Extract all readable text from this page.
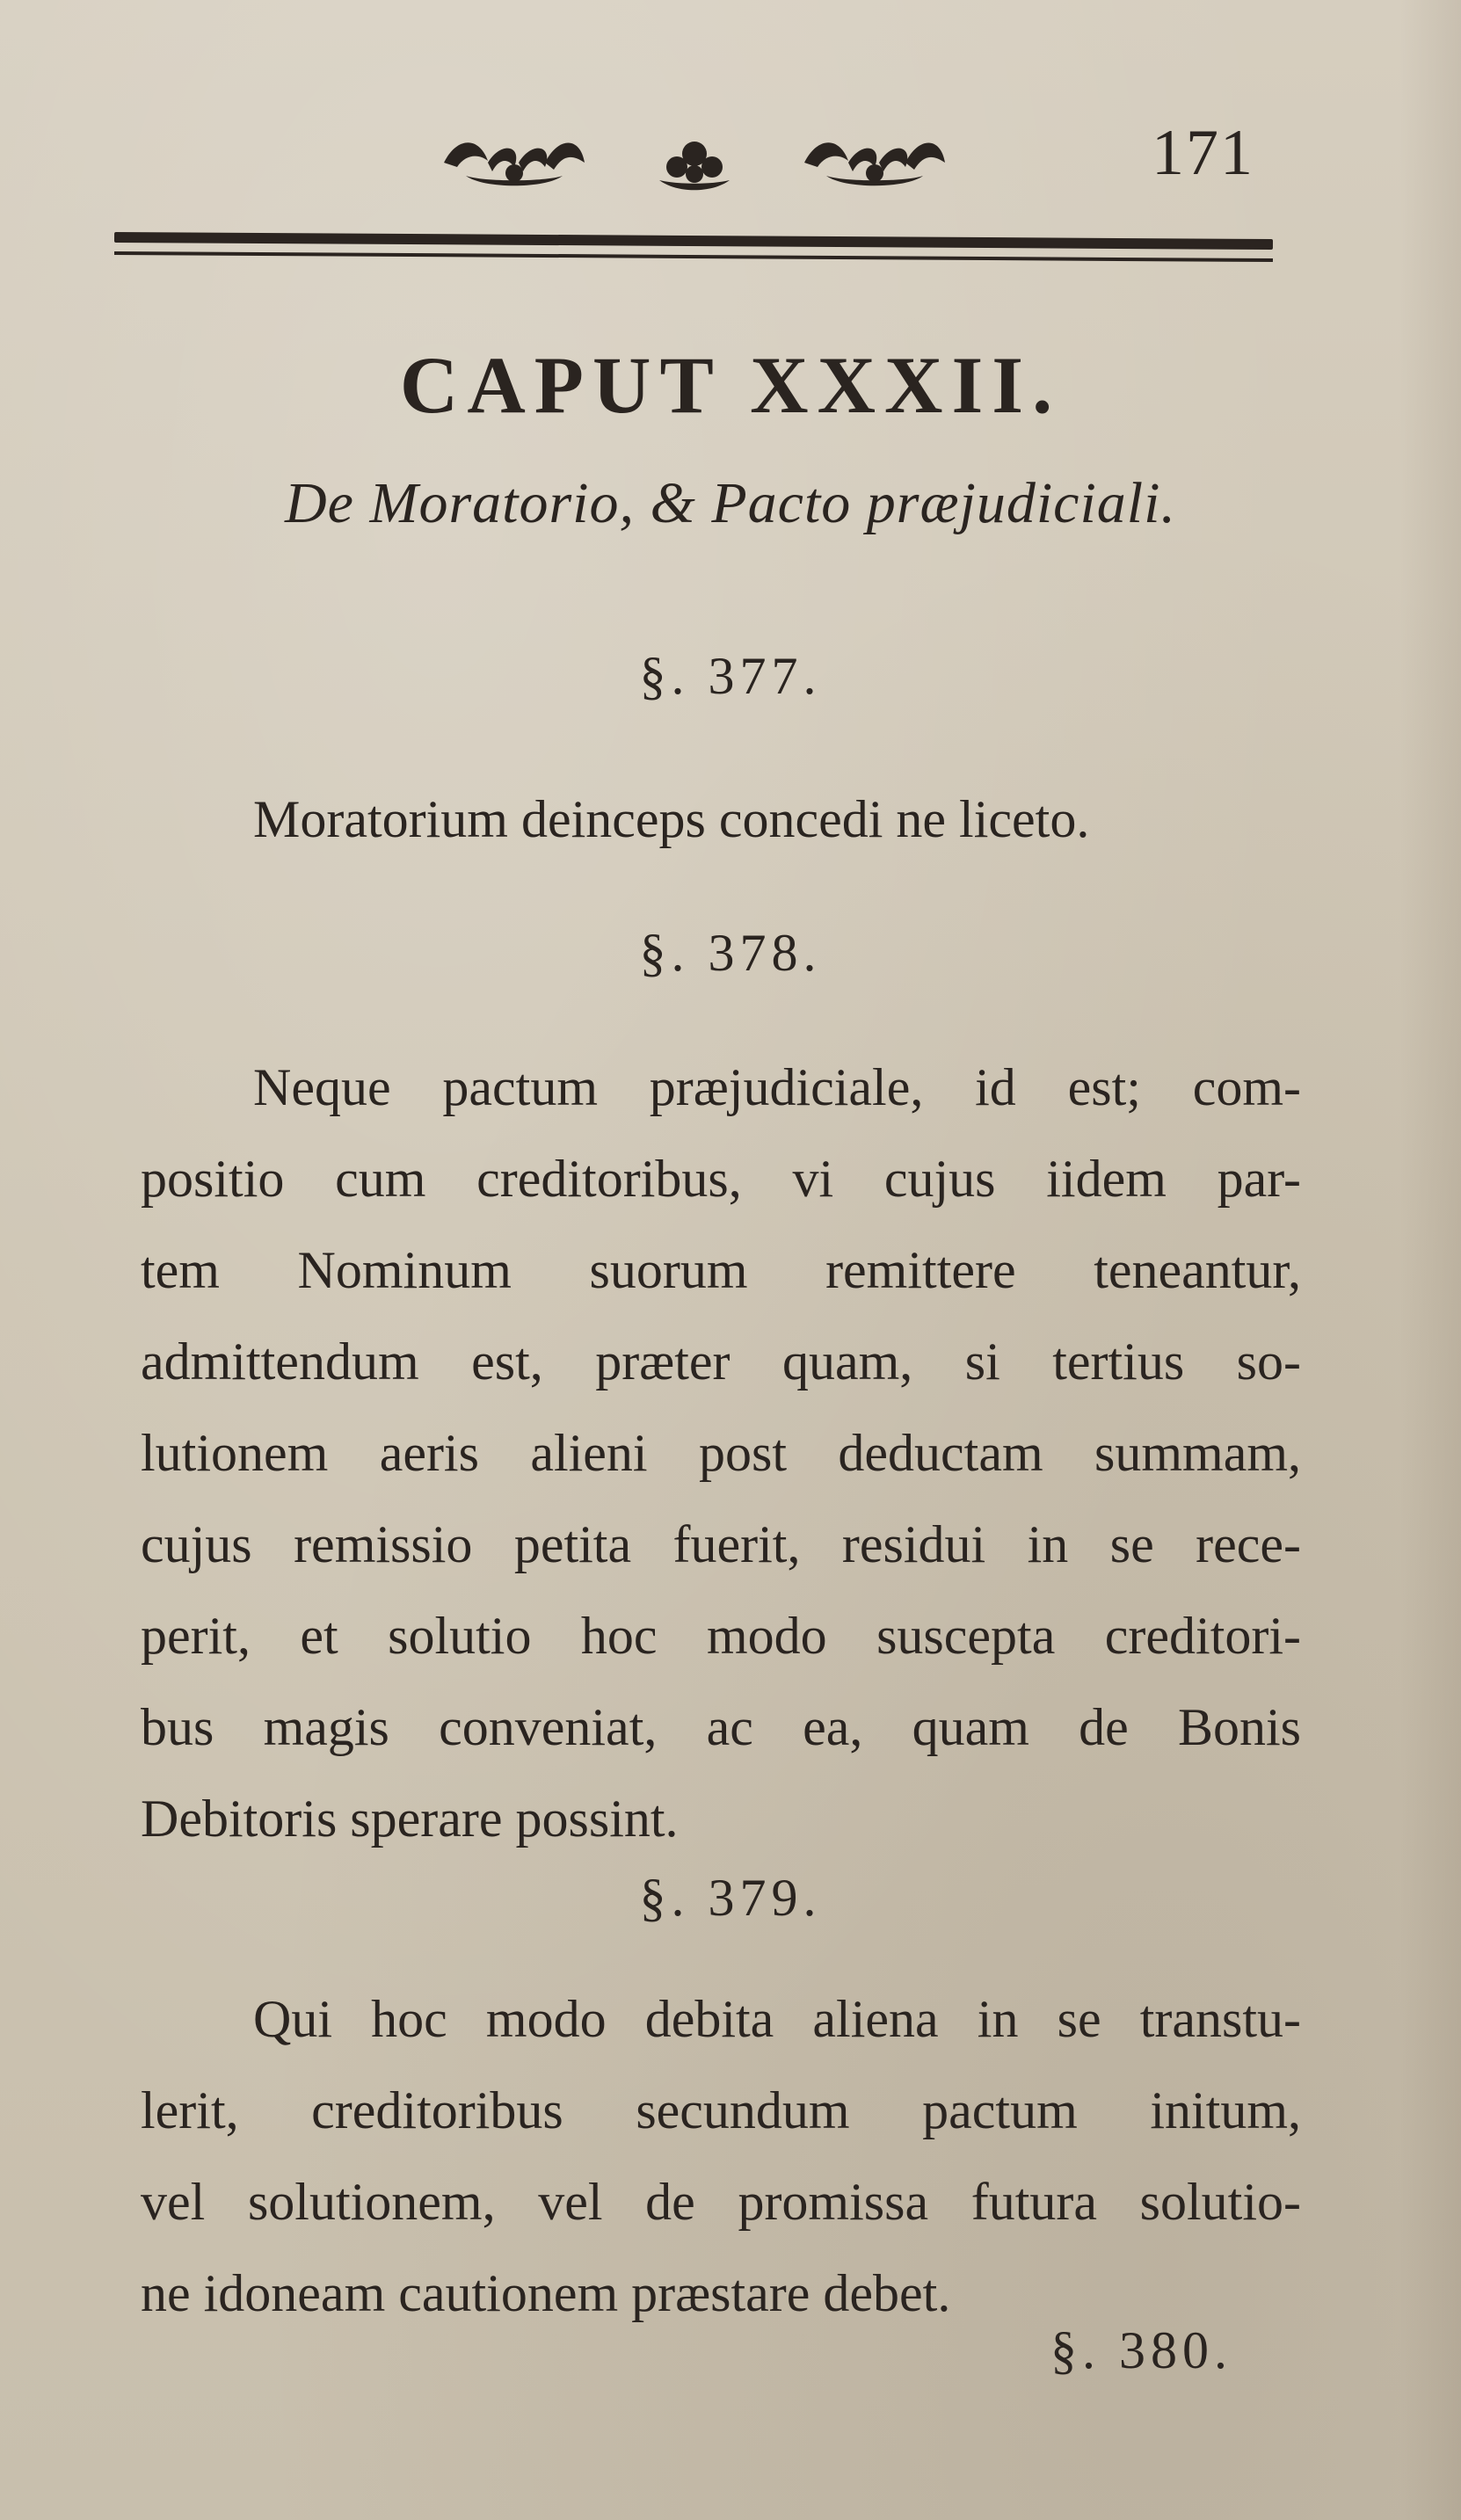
171
CAPUT XXXII.
De Moratorio, & Pacto præjudiciali.
§. 377.
Moratorium deinceps concedi ne liceto.
§. 378.
Neque pactum præjudiciale, id est; com-
positio cum creditoribus, vi cujus iidem par-
tem Nominum suorum remittere teneantur,
admittendum est, præter quam, si tertius so-
lutionem aeris alieni post deductam summam,
cujus remissio petita fuerit, residui in se rece-
perit, et solutio hoc modo suscepta creditori-
bus magis conveniat, ac ea, quam de Bonis
Debitoris sperare possint.
§. 379.
Qui hoc modo debita aliena in se transtu-
lerit, creditoribus secundum pactum initum,
vel solutionem, vel de promissa futura solutio-
ne idoneam cautionem præstare debet.
§. 380.
